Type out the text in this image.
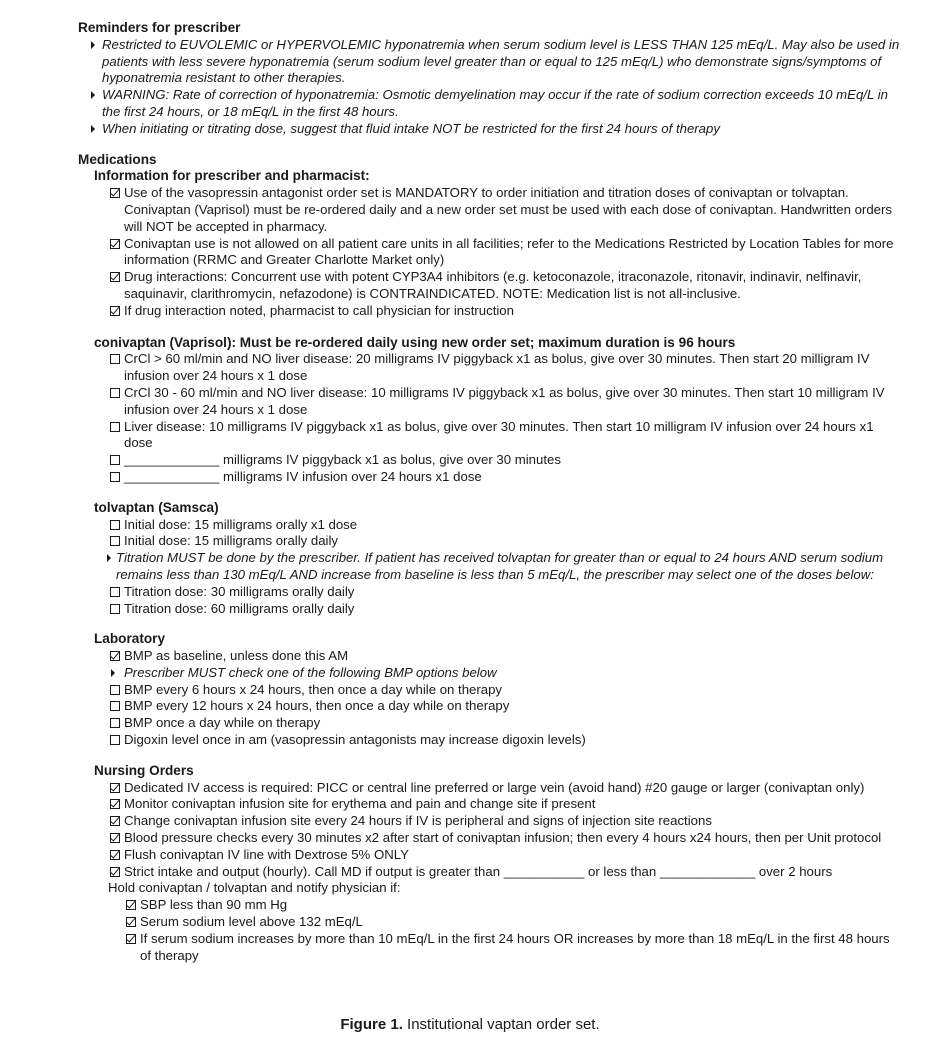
Reminders for prescriber
Restricted to EUVOLEMIC or HYPERVOLEMIC hyponatremia when serum sodium level is LESS THAN 125 mEq/L. May also be used in patients with less severe hyponatremia (serum sodium level greater than or equal to 125 mEq/L) who demonstrate signs/symptoms of hyponatremia resistant to other therapies.
WARNING: Rate of correction of hyponatremia: Osmotic demyelination may occur if the rate of sodium correction exceeds 10 mEq/L in the first 24 hours, or 18 mEq/L in the first 48 hours.
When initiating or titrating dose, suggest that fluid intake NOT be restricted for the first 24 hours of therapy
Medications
Information for prescriber and pharmacist:
Use of the vasopressin antagonist order set is MANDATORY to order initiation and titration doses of conivaptan or tolvaptan. Conivaptan (Vaprisol) must be re-ordered daily and a new order set must be used with each dose of conivaptan. Handwritten orders will NOT be accepted in pharmacy.
Conivaptan use is not allowed on all patient care units in all facilities; refer to the Medications Restricted by Location Tables for more information (RRMC and Greater Charlotte Market only)
Drug interactions: Concurrent use with potent CYP3A4 inhibitors (e.g. ketoconazole, itraconazole, ritonavir, indinavir, nelfinavir, saquinavir, clarithromycin, nefazodone) is CONTRAINDICATED. NOTE: Medication list is not all-inclusive.
If drug interaction noted, pharmacist to call physician for instruction
conivaptan (Vaprisol): Must be re-ordered daily using new order set; maximum duration is 96 hours
CrCl > 60 ml/min and NO liver disease: 20 milligrams IV piggyback x1 as bolus, give over 30 minutes. Then start 20 milligram IV infusion over 24 hours x 1 dose
CrCl 30 - 60 ml/min and NO liver disease: 10 milligrams IV piggyback x1 as bolus, give over 30 minutes. Then start 10 milligram IV infusion over 24 hours x 1 dose
Liver disease: 10 milligrams IV piggyback x1 as bolus, give over 30 minutes. Then start 10 milligram IV infusion over 24 hours x1 dose
_____________ milligrams IV piggyback x1 as bolus, give over 30 minutes
_____________ milligrams IV infusion over 24 hours x1 dose
tolvaptan (Samsca)
Initial dose: 15 milligrams orally x1 dose
Initial dose: 15 milligrams orally daily
Titration MUST be done by the prescriber. If patient has received tolvaptan for greater than or equal to 24 hours AND serum sodium remains less than 130 mEq/L AND increase from baseline is less than 5 mEq/L, the prescriber may select one of the doses below:
Titration dose: 30 milligrams orally daily
Titration dose: 60 milligrams orally daily
Laboratory
BMP as baseline, unless done this AM
Prescriber MUST check one of the following BMP options below
BMP every 6 hours x 24 hours, then once a day while on therapy
BMP every 12 hours x 24 hours, then once a day while on therapy
BMP once a day while on therapy
Digoxin level once in am (vasopressin antagonists may increase digoxin levels)
Nursing Orders
Dedicated IV access is required: PICC or central line preferred or large vein (avoid hand) #20 gauge or larger (conivaptan only)
Monitor conivaptan infusion site for erythema and pain and change site if present
Change conivaptan infusion site every 24 hours if IV is peripheral and signs of injection site reactions
Blood pressure checks every 30 minutes x2 after start of conivaptan infusion; then every 4 hours x24 hours, then per Unit protocol
Flush conivaptan IV line with Dextrose 5% ONLY
Strict intake and output (hourly). Call MD if output is greater than ___________ or less than _____________ over 2 hours
Hold conivaptan / tolvaptan and notify physician if:
SBP less than 90 mm Hg
Serum sodium level above 132 mEq/L
If serum sodium increases by more than 10 mEq/L in the first 24 hours OR increases by more than 18 mEq/L in the first 48 hours of therapy
Figure 1. Institutional vaptan order set.
